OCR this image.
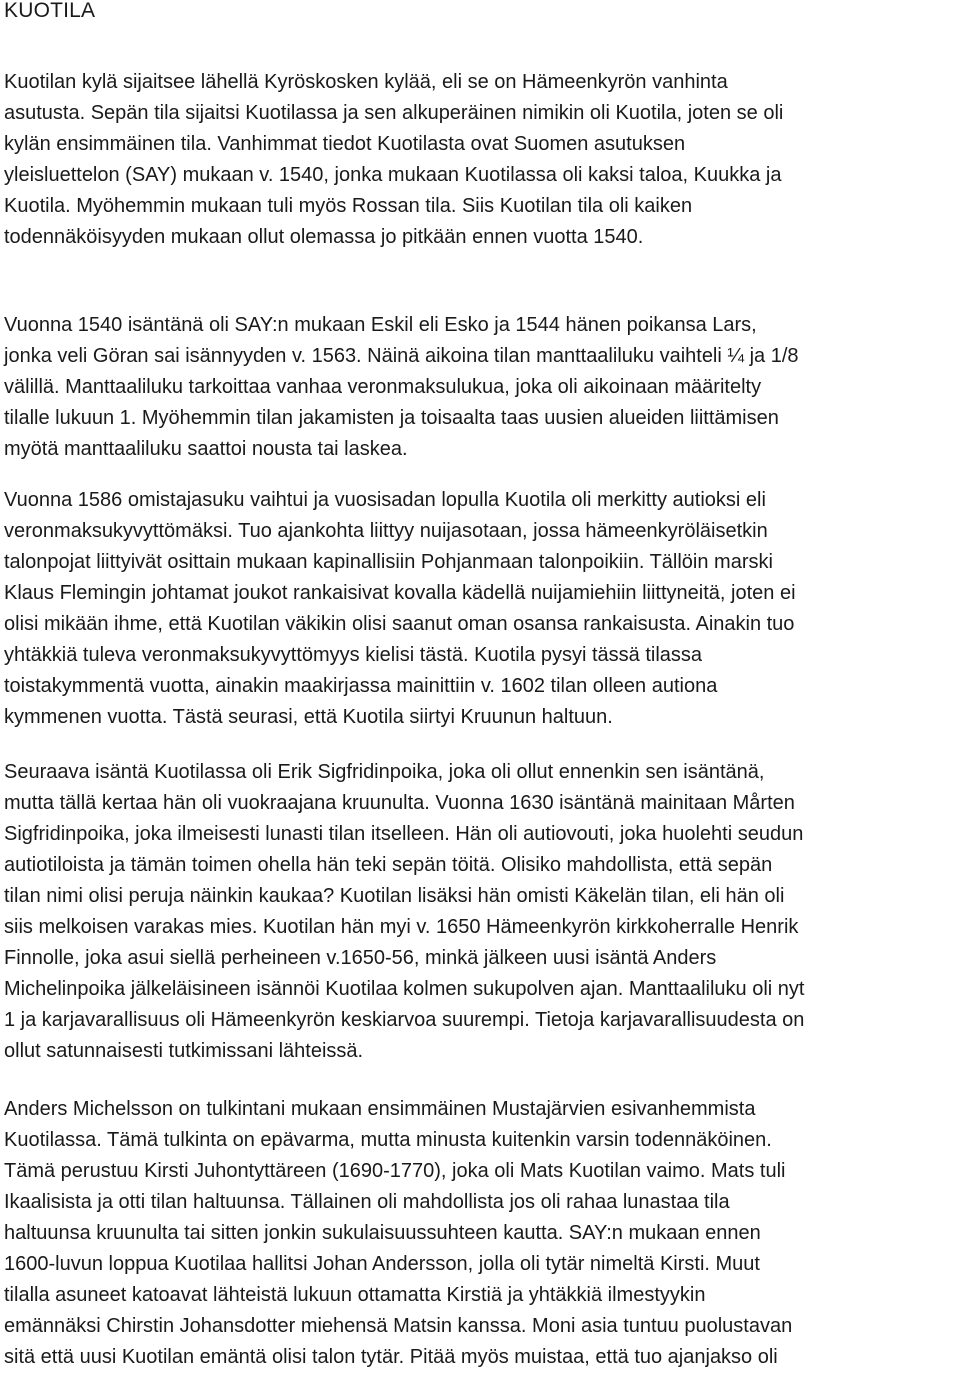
KUOTILA

Kuotilan kylä sijaitsee lähellä Kyröskosken kylää, eli se on Hämeenkyrön vanhinta
asutusta. Sepän tila sijaitsi Kuotilassa ja sen alkuperäinen nimikin oli Kuotila, joten se oli
kylän ensimmäinen tila. Vanhimmat tiedot Kuotilasta ovat Suomen asutuksen
yleisluettelon (SAY) mukaan v. 1540, jonka mukaan Kuotilassa oli kaksi taloa, Kuukka ja
Kuotila. Myöhemmin mukaan tuli myös Rossan tila. Siis Kuotilan tila oli kaiken
todennäköisyyden mukaan ollut olemassa jo pitkään ennen vuotta 1540.

Vuonna 1540 isäntänä oli SAY:n mukaan Eskil eli Esko ja 1544 hänen poikansa Lars,
jonka veli Göran sai isännyyden v. 1563. Näinä aikoina tilan manttaaliluku vaihteli ¼ ja 1/8
välillä. Manttaaliluku tarkoittaa vanhaa veronmaksulukua, joka oli aikoinaan määritelty
tilalle lukuun 1. Myöhemmin tilan jakamisten ja toisaalta taas uusien alueiden liittämisen
myötä manttaaliluku saattoi nousta tai laskea.

Vuonna 1586 omistajasuku vaihtui ja vuosisadan lopulla Kuotila oli merkitty autioksi eli
veronmaksukyvyttömäksi. Tuo ajankohta liittyy nuijasotaan, jossa hämeenkyröläisetkin
talonpojat liittyivät osittain mukaan kapinallisiin Pohjanmaan talonpoikiin. Tällöin marski
Klaus Flemingin johtamat joukot rankaisivat kovalla kädellä nuijamiehiin liittyneitä, joten ei
olisi mikään ihme, että Kuotilan väkikin olisi saanut oman osansa rankaisusta. Ainakin tuo
yhtäkkiä tuleva veronmaksukyvyttömyys kielisi tästä. Kuotila pysyi tässä tilassa
toistakymmentä vuotta, ainakin maakirjassa mainittiin v. 1602 tilan olleen autiona
kymmenen vuotta. Tästä seurasi, että Kuotila siirtyi Kruunun haltuun.

Seuraava isäntä Kuotilassa oli Erik Sigfridinpoika, joka oli ollut ennenkin sen isäntänä,
mutta tällä kertaa hän oli vuokraajana kruunulta. Vuonna 1630 isäntänä mainitaan Mårten
Sigfridinpoika, joka ilmeisesti lunasti tilan itselleen. Hän oli autiovouti, joka huolehti seudun
autiotiloista ja tämän toimen ohella hän teki sepän töitä. Olisiko mahdollista, että sepän
tilan nimi olisi peruja näinkin kaukaa? Kuotilan lisäksi hän omisti Käkelän tilan, eli hän oli
siis melkoisen varakas mies. Kuotilan hän myi v. 1650 Hämeenkyrön kirkkoherralle Henrik
Finnolle, joka asui siellä perheineen v.1650-56, minkä jälkeen uusi isäntä Anders
Michelinpoika jälkeläisineen isännöi Kuotilaa kolmen sukupolven ajan. Manttaaliluku oli nyt
1 ja karjavarallisuus oli Hämeenkyrön keskiarvoa suurempi. Tietoja karjavarallisuudesta on
ollut satunnaisesti tutkimissani lähteissä.

Anders Michelsson on tulkintani mukaan ensimmäinen Mustajärvien esivanhemmista
Kuotilassa. Tämä tulkinta on epävarma, mutta minusta kuitenkin varsin todennäköinen.
Tämä perustuu Kirsti Juhontyttäreen (1690-1770), joka oli Mats Kuotilan vaimo. Mats tuli
Ikaalisista ja otti tilan haltuunsa. Tällainen oli mahdollista jos oli rahaa lunastaa tila
haltuunsa kruunulta tai sitten jonkin sukulaisuussuhteen kautta. SAY:n mukaan ennen
1600-luvun loppua Kuotilaa hallitsi Johan Andersson, jolla oli tytär nimeltä Kirsti. Muut
tilalla asuneet katoavat lähteistä lukuun ottamatta Kirstiä ja yhtäkkiä ilmestyykin
emännäksi Chirstin Johansdotter miehensä Matsin kanssa. Moni asia tuntuu puolustavan
sitä että uusi Kuotilan emäntä olisi talon tytär. Pitää myös muistaa, että tuo ajanjakso oli
